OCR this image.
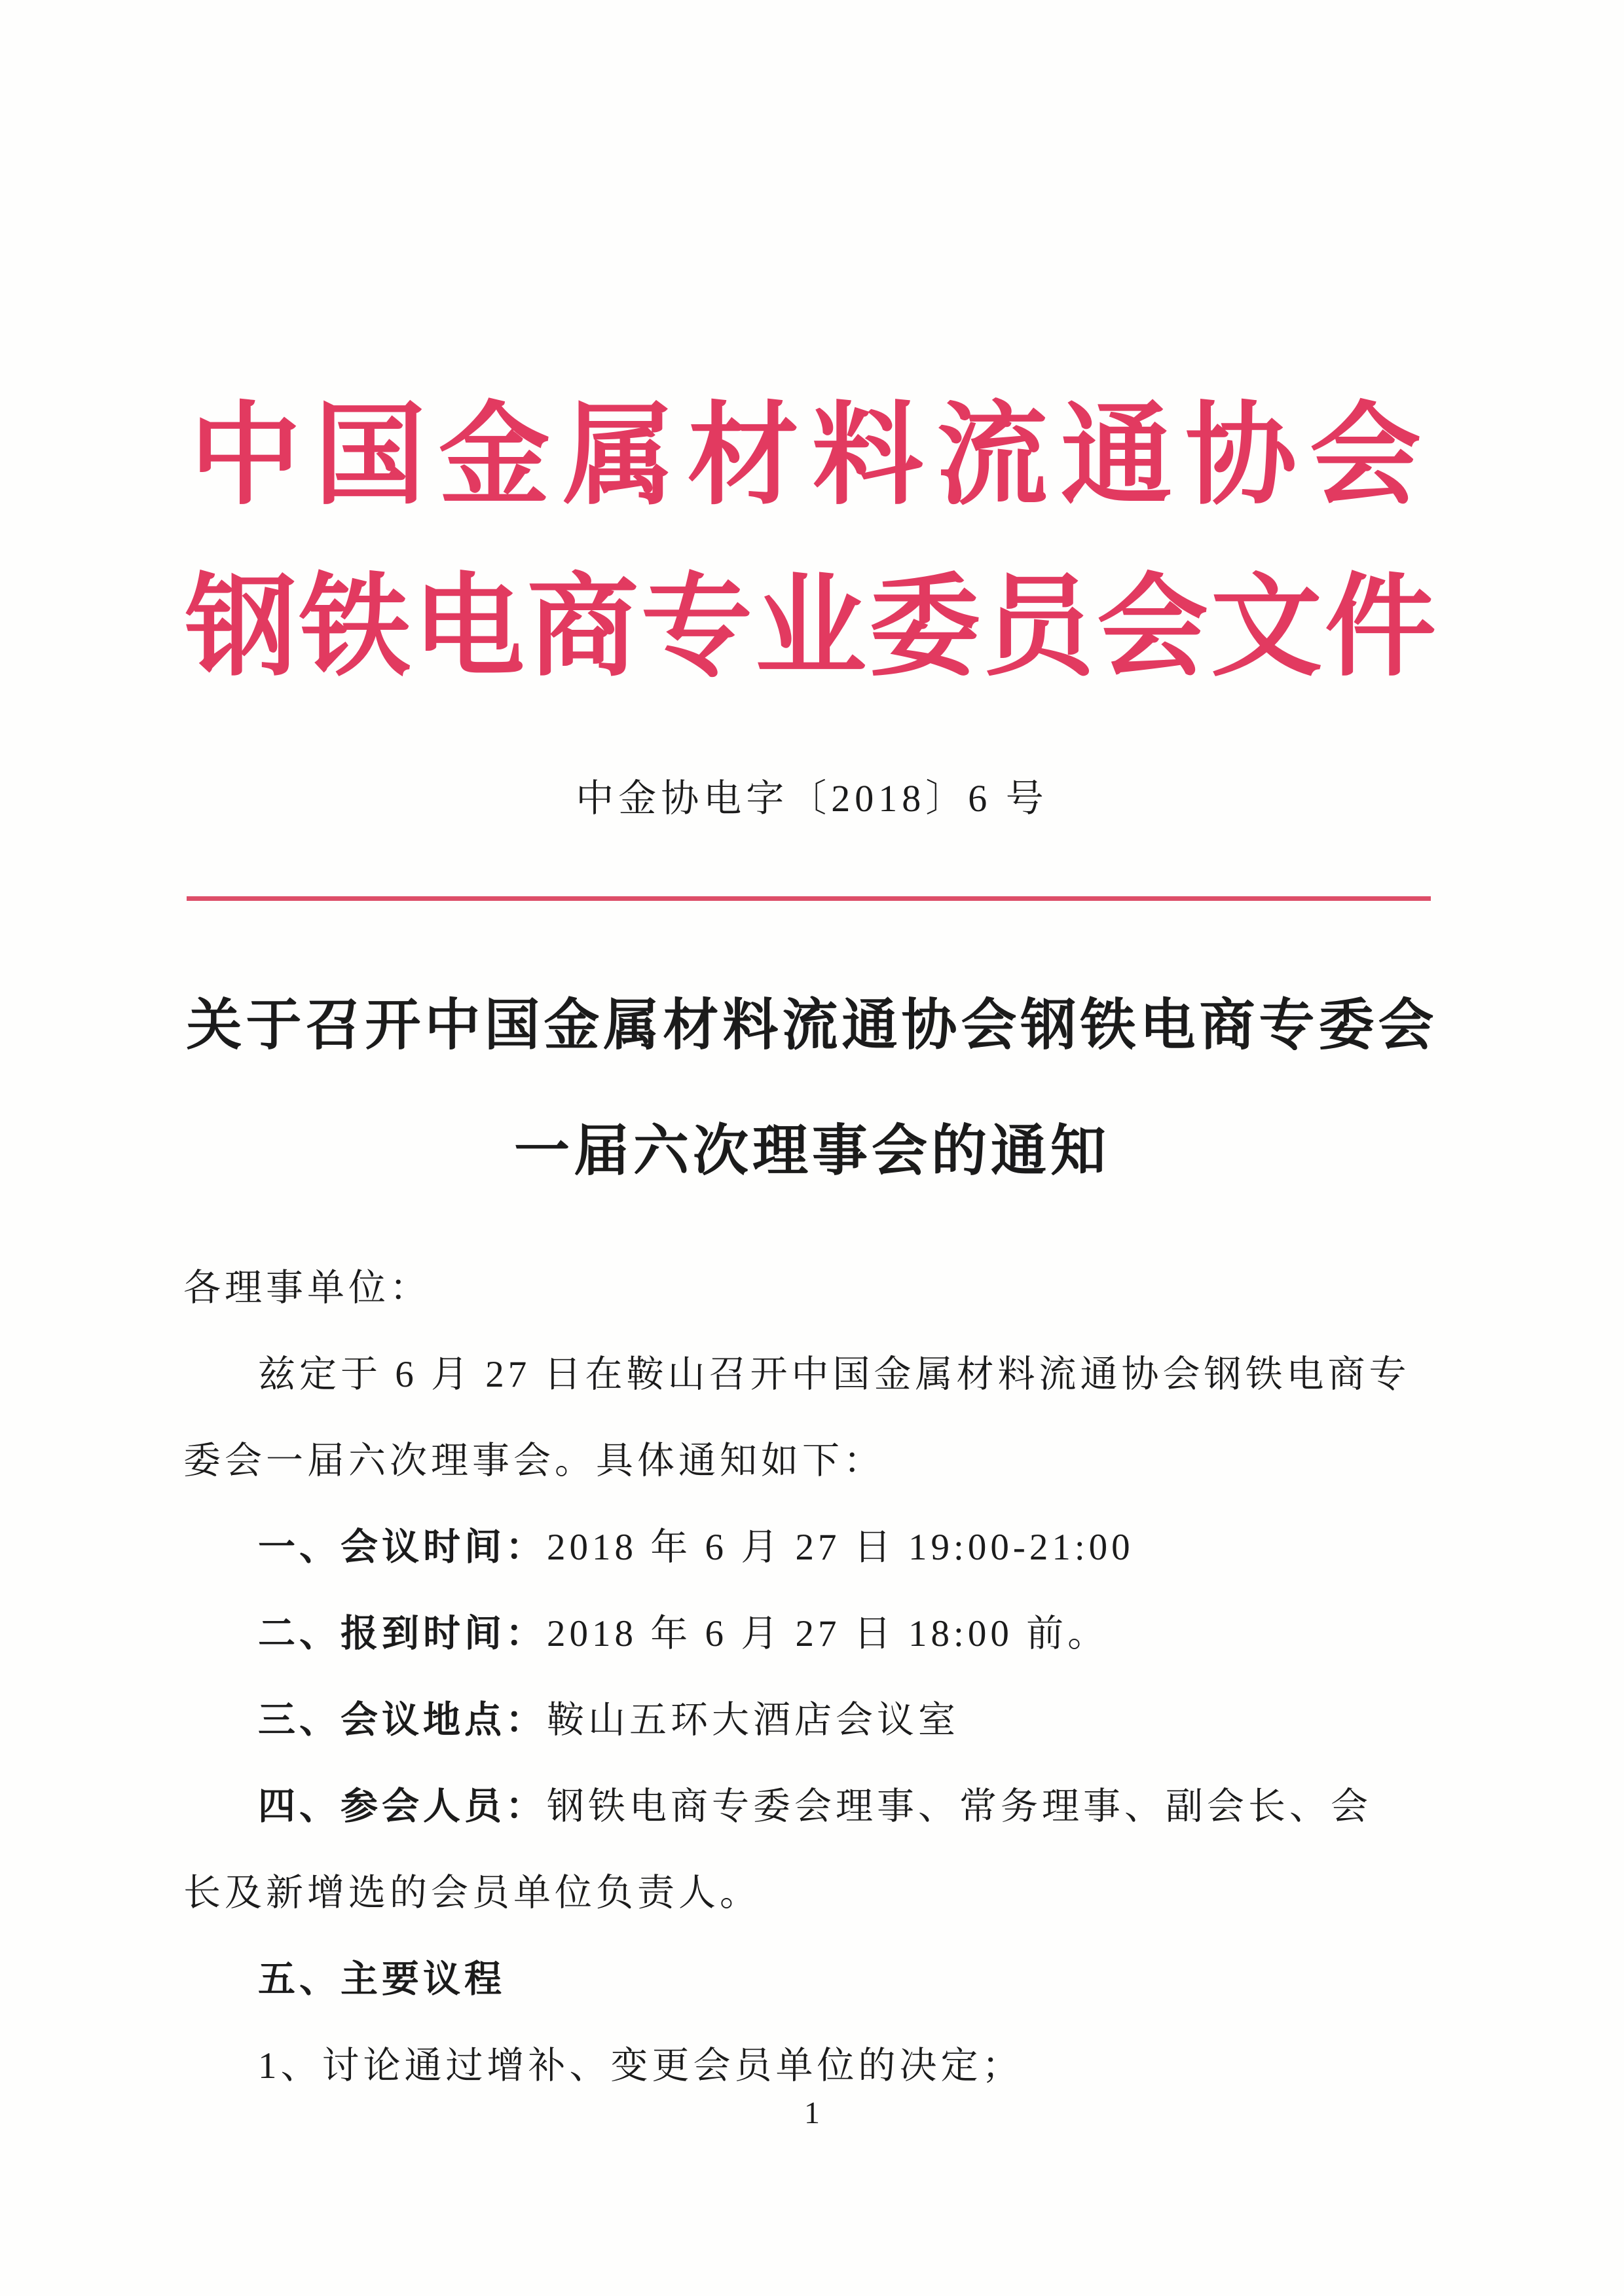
中国金属材料流通协会
钢铁电商专业委员会文件
中金协电字〔2018〕6 号
关于召开中国金属材料流通协会钢铁电商专委会
一届六次理事会的通知
各理事单位：
兹定于 6 月 27 日在鞍山召开中国金属材料流通协会钢铁电商专
委会一届六次理事会。具体通知如下：
一、会议时间：2018 年 6 月 27 日 19:00-21:00
二、报到时间：2018 年 6 月 27 日 18:00 前。
三、会议地点：鞍山五环大酒店会议室
四、参会人员：钢铁电商专委会理事、常务理事、副会长、会
长及新增选的会员单位负责人。
五、主要议程
1、讨论通过增补、变更会员单位的决定；
1
